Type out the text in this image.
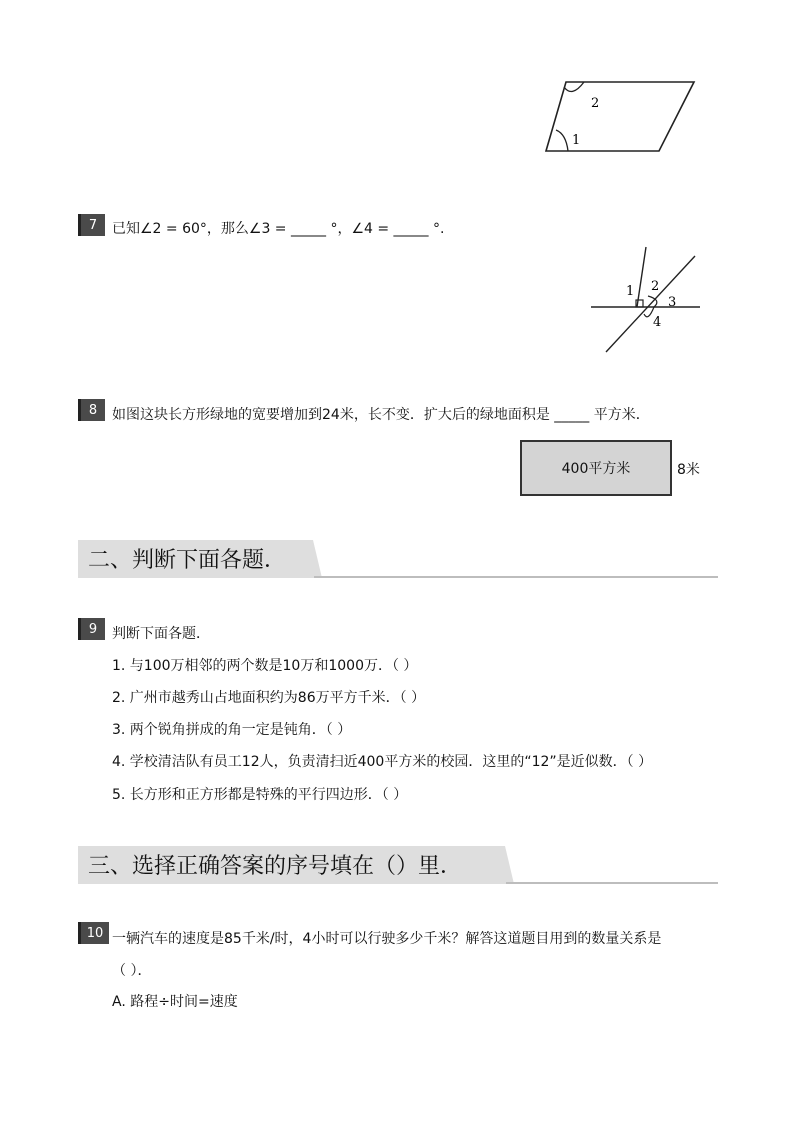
1
2
7 已知∠2 = 60°，那么∠3 = _____ °，∠4 = _____ °.
1 2
3
4
8 如图这块长方形绿地的宽要增加到24米，长不变．扩大后的绿地面积是 _____ 平方米．
400平方米	8米
二、判断下面各题．
9 判断下面各题．
1. 与100万相邻的两个数是10万和1000万．（ ）
2. 广州市越秀山占地面积约为86万平方千米．（ ）
3. 两个锐角拼成的角一定是钝角．（ ）
4. 学校清洁队有员工12人，负责清扫近400平方米的校园．这里的“12”是近似数．（ ）
5. 长方形和正方形都是特殊的平行四边形．（ ）
三、选择正确答案的序号填在（）里．
10 一辆汽车的速度是85千米/时，4小时可以行驶多少千米？解答这道题目用到的数量关系是
（ ）．
A. 路程÷时间=速度
